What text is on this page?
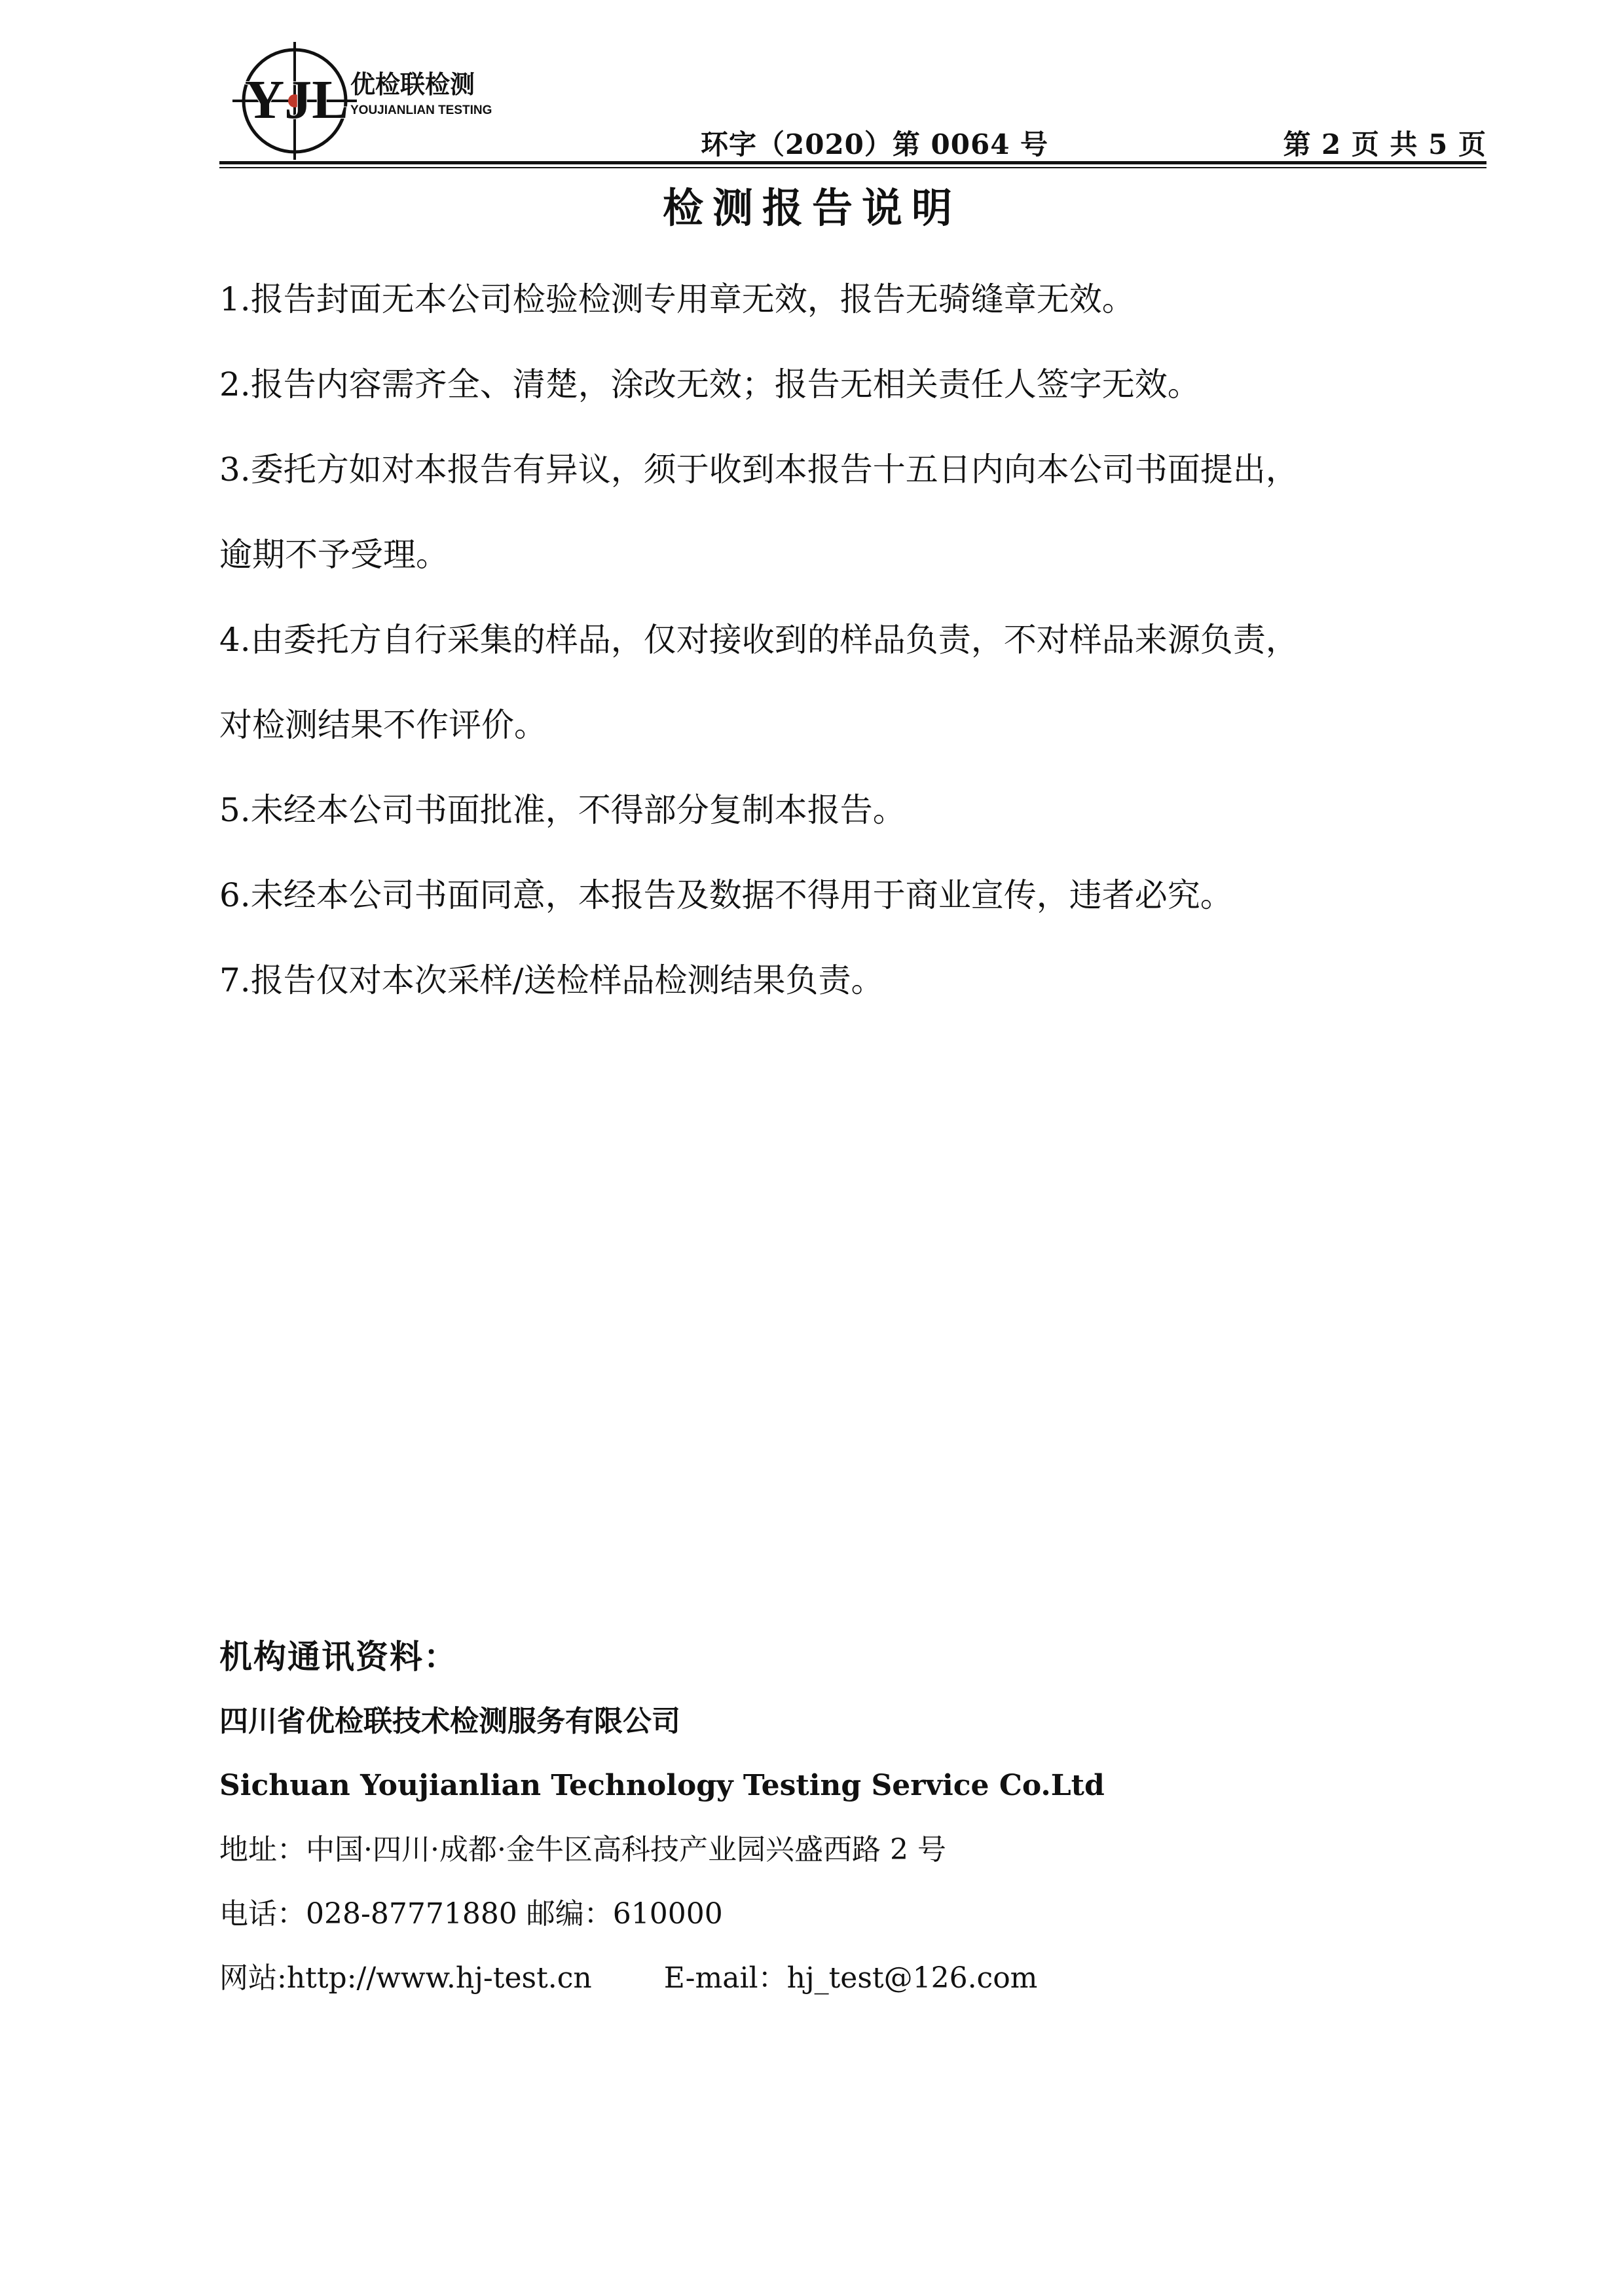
YJL 优检联检测
YOUJIANLIAN TESTING
环字（2020）第 0064 号	第 2 页 共 5 页
检测报告说明
1.报告封面无本公司检验检测专用章无效，报告无骑缝章无效。
2.报告内容需齐全、清楚，涂改无效；报告无相关责任人签字无效。
3.委托方如对本报告有异议，须于收到本报告十五日内向本公司书面提出，
逾期不予受理。
4.由委托方自行采集的样品，仅对接收到的样品负责，不对样品来源负责，
对检测结果不作评价。
5.未经本公司书面批准，不得部分复制本报告。
6.未经本公司书面同意，本报告及数据不得用于商业宣传，违者必究。
7.报告仅对本次采样/送检样品检测结果负责。
机构通讯资料：
四川省优检联技术检测服务有限公司
Sichuan Youjianlian Technology Testing Service Co.Ltd
地址：中国·四川·成都·金牛区高科技产业园兴盛西路 2 号
电话：028-87771880 邮编：610000
网站:http://www.hj-test.cn	E-mail：hj_test@126.com
